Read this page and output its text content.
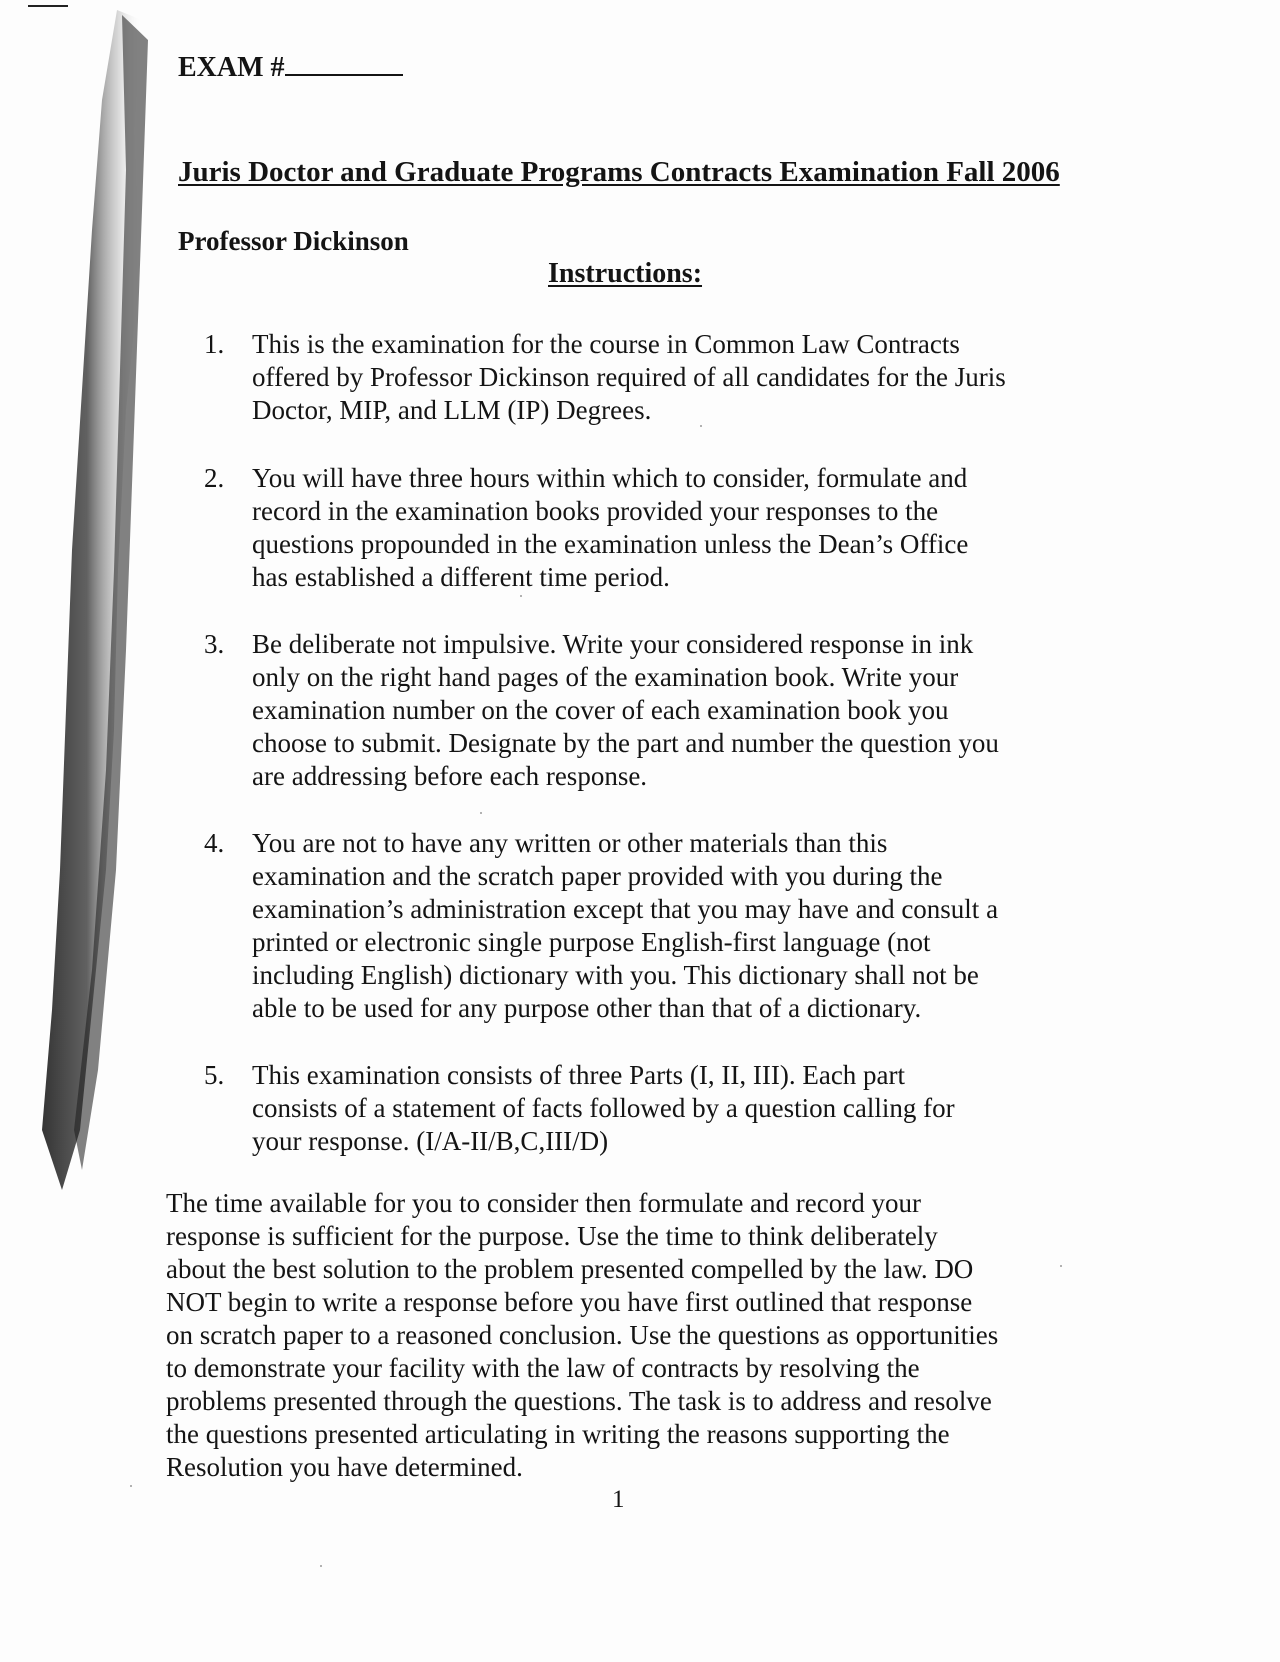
EXAM #
Juris Doctor and Graduate Programs Contracts Examination Fall 2006
Professor Dickinson
Instructions:
1.	This is the examination for the course in Common Law Contracts
offered by Professor Dickinson required of all candidates for the Juris
Doctor, MIP, and LLM (IP) Degrees.
2.	You will have three hours within which to consider, formulate and
record in the examination books provided your responses to the
questions propounded in the examination unless the Dean’s Office
has established a different time period.
3.	Be deliberate not impulsive. Write your considered response in ink
only on the right hand pages of the examination book. Write your
examination number on the cover of each examination book you
choose to submit. Designate by the part and number the question you
are addressing before each response.
4.	You are not to have any written or other materials than this
examination and the scratch paper provided with you during the
examination’s administration except that you may have and consult a
printed or electronic single purpose English-first language (not
including English) dictionary with you. This dictionary shall not be
able to be used for any purpose other than that of a dictionary.
5.	This examination consists of three Parts (I, II, III). Each part
consists of a statement of facts followed by a question calling for
your response. (I/A-II/B,C,III/D)
The time available for you to consider then formulate and record your
response is sufficient for the purpose. Use the time to think deliberately
about the best solution to the problem presented compelled by the law. DO
NOT begin to write a response before you have first outlined that response
on scratch paper to a reasoned conclusion. Use the questions as opportunities
to demonstrate your facility with the law of contracts by resolving the
problems presented through the questions. The task is to address and resolve
the questions presented articulating in writing the reasons supporting the
Resolution you have determined.
1
